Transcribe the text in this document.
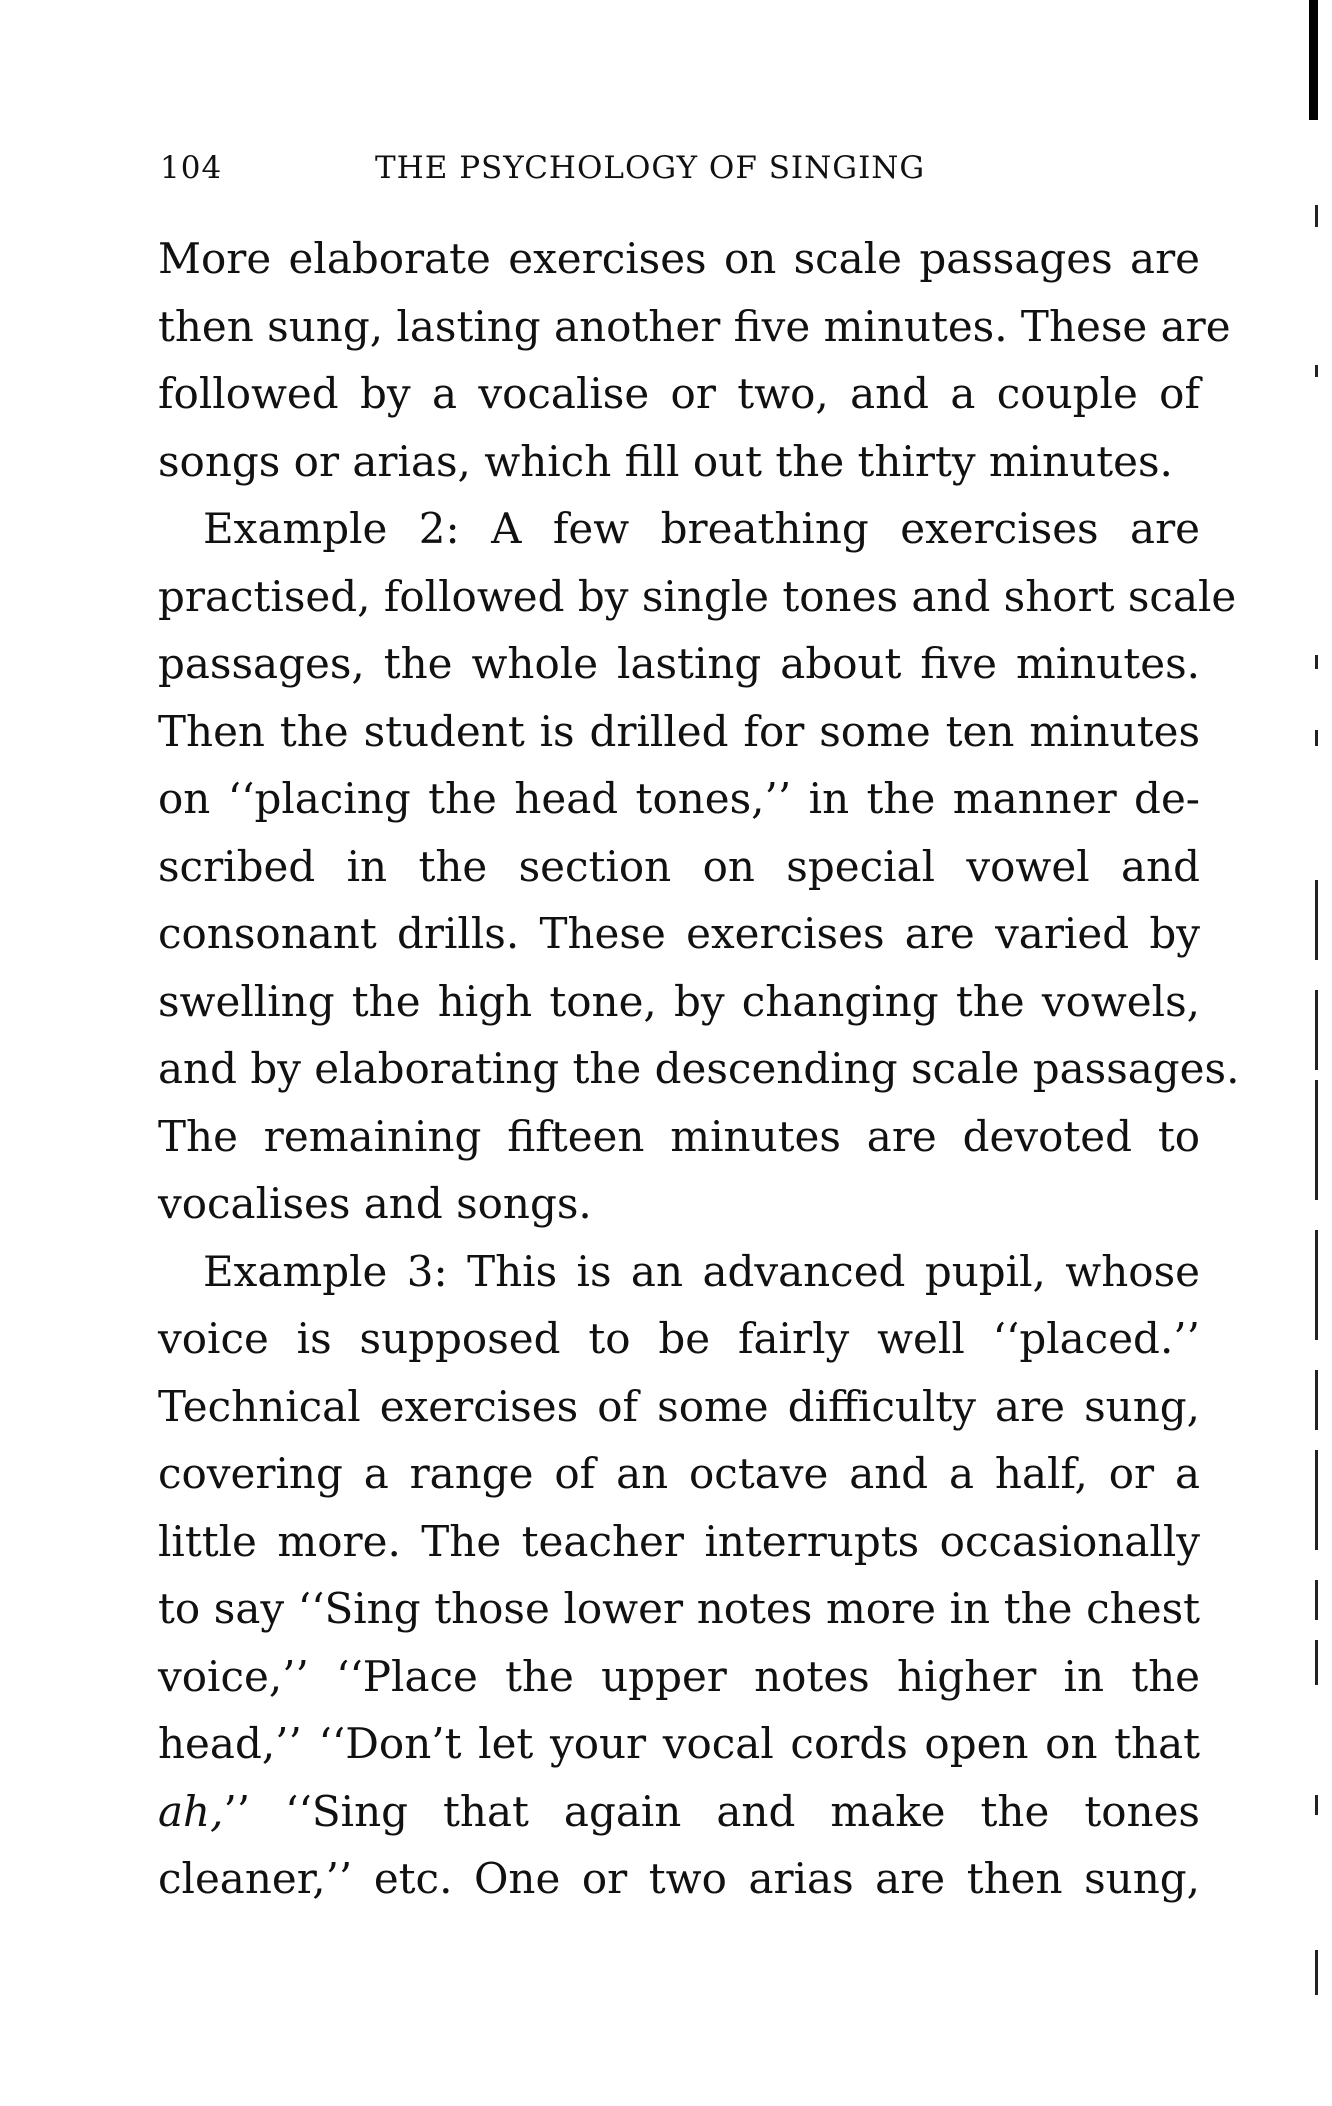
104	THE PSYCHOLOGY OF SINGING
More elaborate exercises on scale passages are
then sung, lasting another five minutes. These are
followed by a vocalise or two, and a couple of
songs or arias, which fill out the thirty minutes.
Example 2: A few breathing exercises are
practised, followed by single tones and short scale
passages, the whole lasting about five minutes.
Then the student is drilled for some ten minutes
on ‘‘placing the head tones,’’ in the manner de-
scribed in the section on special vowel and
consonant drills. These exercises are varied by
swelling the high tone, by changing the vowels,
and by elaborating the descending scale passages.
The remaining fifteen minutes are devoted to
vocalises and songs.
Example 3: This is an advanced pupil, whose
voice is supposed to be fairly well ‘‘placed.’’
Technical exercises of some difficulty are sung,
covering a range of an octave and a half, or a
little more. The teacher interrupts occasionally
to say ‘‘Sing those lower notes more in the chest
voice,’’ ‘‘Place the upper notes higher in the
head,’’ ‘‘Don’t let your vocal cords open on that
ah,’’ ‘‘Sing that again and make the tones
cleaner,’’ etc. One or two arias are then sung,
